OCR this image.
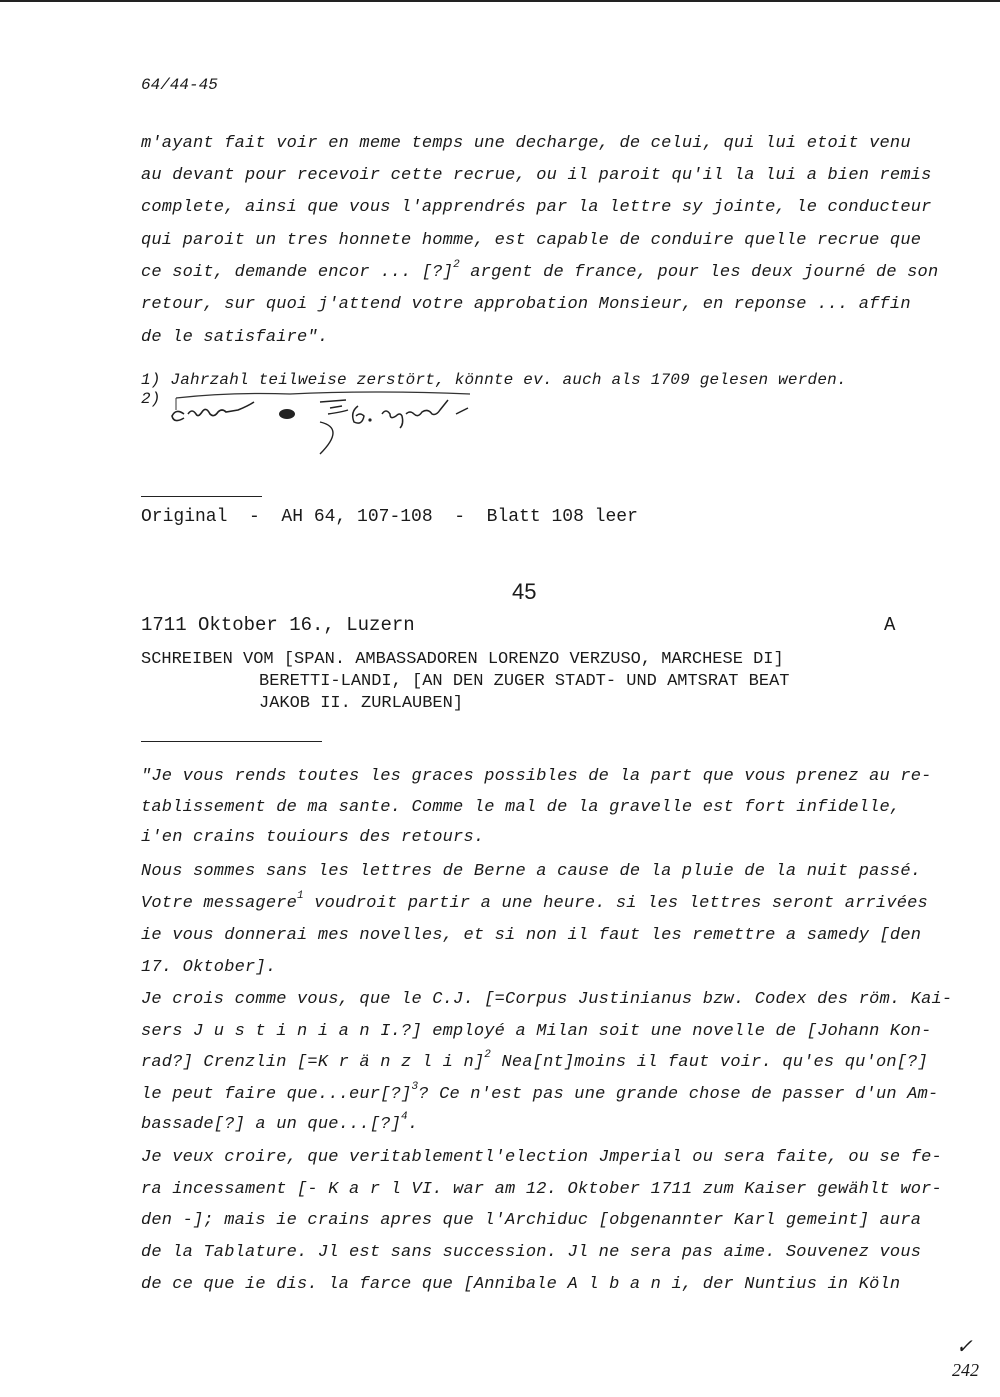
64/44-45
m'ayant fait voir en meme temps une decharge, de celui, qui lui etoit venu
au devant pour recevoir cette recrue, ou il paroit qu'il la lui a bien remis
complete, ainsi que vous l'apprendrés par la lettre sy jointe, le conducteur
qui paroit un tres honnete homme, est capable de conduire quelle recrue que
ce soit, demande encor ... [?]$^2$ argent de france, pour les deux journé de son
retour, sur quoi j'attend votre approbation Monsieur, en reponse ... affin
de le satisfaire".
1) Jahrzahl teilweise zerstört, könnte ev. auch als 1709 gelesen werden.
2)
Original  -  AH 64, 107-108  -  Blatt 108 leer
45
1711 Oktober 16., Luzern	A
SCHREIBEN VOM [SPAN. AMBASSADOREN LORENZO VERZUSO, MARCHESE DI]
BERETTI-LANDI, [AN DEN ZUGER STADT- UND AMTSRAT BEAT
JAKOB II. ZURLAUBEN]
"Je vous rends toutes les graces possibles de la part que vous prenez au re-
tablissement de ma sante. Comme le mal de la gravelle est fort infidelle,
i'en crains touiours des retours.
Nous sommes sans les lettres de Berne a cause de la pluie de la nuit passé.
Votre messagere$^1$ voudroit partir a une heure. si les lettres seront arrivées
ie vous donnerai mes novelles, et si non il faut les remettre a samedy [den
17. Oktober].
Je crois comme vous, que le C.J. [=Corpus Justinianus bzw. Codex des röm. Kai-
sers J u s t i n i a n I.?] employé a Milan soit une novelle de [Johann Kon-
rad?] Crenzlin [=K r ä n z l i n]$^2$ Nea[nt]moins il faut voir. qu'es qu'on[?]
le peut faire que...eur[?]$^3$? Ce n'est pas une grande chose de passer d'un Am-
bassade[?] a un que...[?]$^4$.
Je veux croire, que veritablementl'election Jmperial ou sera faite, ou se fe-
ra incessament [- K a r l VI. war am 12. Oktober 1711 zum Kaiser gewählt wor-
den -]; mais ie crains apres que l'Archiduc [obgenannter Karl gemeint] aura
de la Tablature. Jl est sans succession. Jl ne sera pas aime. Souvenez vous
de ce que ie dis. la farce que [Annibale A l b a n i, der Nuntius in Köln
✓
242
